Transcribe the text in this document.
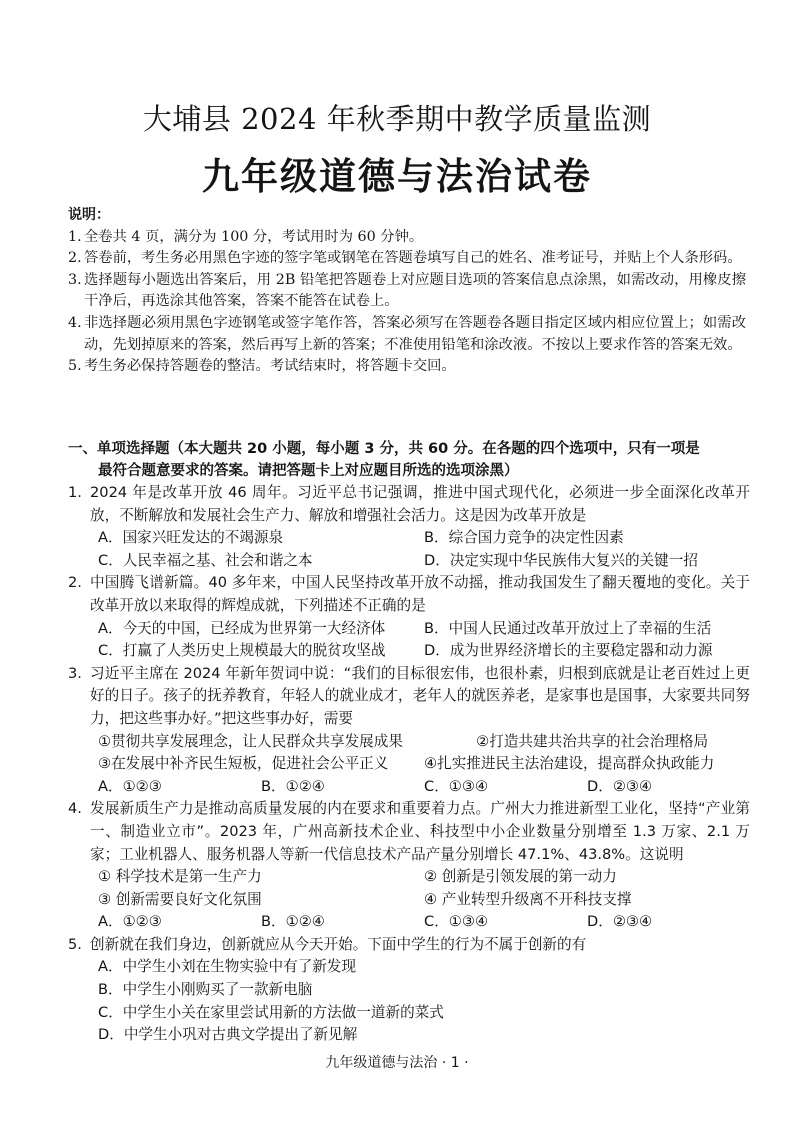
大埔县 2024 年秋季期中教学质量监测
九年级道德与法治试卷
说明：
1. 全卷共 4 页，满分为 100 分，考试用时为 60 分钟。
2. 答卷前，考生务必用黑色字迹的签字笔或钢笔在答题卷填写自己的姓名、准考证号，并贴上个人条形码。
3. 选择题每小题选出答案后，用 2B 铅笔把答题卷上对应题目选项的答案信息点涂黑，如需改动，用橡皮擦干净后，再选涂其他答案，答案不能答在试卷上。
4. 非选择题必须用黑色字迹钢笔或签字笔作答，答案必须写在答题卷各题目指定区域内相应位置上；如需改动，先划掉原来的答案，然后再写上新的答案；不准使用铅笔和涂改液。不按以上要求作答的答案无效。
5. 考生务必保持答题卷的整洁。考试结束时，将答题卡交回。
一、单项选择题（本大题共 20 小题，每小题 3 分，共 60 分。在各题的四个选项中，只有一项是
最符合题意要求的答案。请把答题卡上对应题目所选的选项涂黑）
1. 2024 年是改革开放 46 周年。习近平总书记强调，推进中国式现代化，必须进一步全面深化改革开放，不断解放和发展社会生产力、解放和增强社会活力。这是因为改革开放是
A．国家兴旺发达的不竭源泉	B．综合国力竞争的决定性因素
C．人民幸福之基、社会和谐之本	D．决定实现中华民族伟大复兴的关键一招
2. 中国腾飞谱新篇。40 多年来，中国人民坚持改革开放不动摇，推动我国发生了翻天覆地的变化。关于改革开放以来取得的辉煌成就，下列描述不正确的是
A．今天的中国，已经成为世界第一大经济体	B．中国人民通过改革开放过上了幸福的生活
C．打赢了人类历史上规模最大的脱贫攻坚战	D．成为世界经济增长的主要稳定器和动力源
3. 习近平主席在 2024 年新年贺词中说：“我们的目标很宏伟，也很朴素，归根到底就是让老百姓过上更好的日子。孩子的抚养教育，年轻人的就业成才，老年人的就医养老，是家事也是国事，大家要共同努力，把这些事办好。”把这些事办好，需要
①贯彻共享发展理念，让人民群众共享发展成果	②打造共建共治共享的社会治理格局
③在发展中补齐民生短板，促进社会公平正义	④扎实推进民主法治建设，提高群众执政能力
A．①②③	B．①②④	C．①③④	D．②③④
4. 发展新质生产力是推动高质量发展的内在要求和重要着力点。广州大力推进新型工业化，坚持“产业第一、制造业立市”。2023 年，广州高新技术企业、科技型中小企业数量分别增至 1.3 万家、2.1 万家；工业机器人、服务机器人等新一代信息技术产品产量分别增长 47.1%、43.8%。这说明
① 科学技术是第一生产力	② 创新是引领发展的第一动力
③ 创新需要良好文化氛围	④ 产业转型升级离不开科技支撑
A．①②③	B．①②④	C．①③④	D．②③④
5. 创新就在我们身边，创新就应从今天开始。下面中学生的行为不属于创新的有
A．中学生小刘在生物实验中有了新发现
B．中学生小刚购买了一款新电脑
C．中学生小关在家里尝试用新的方法做一道新的菜式
D．中学生小巩对古典文学提出了新见解
九年级道德与法治 · 1 ·
